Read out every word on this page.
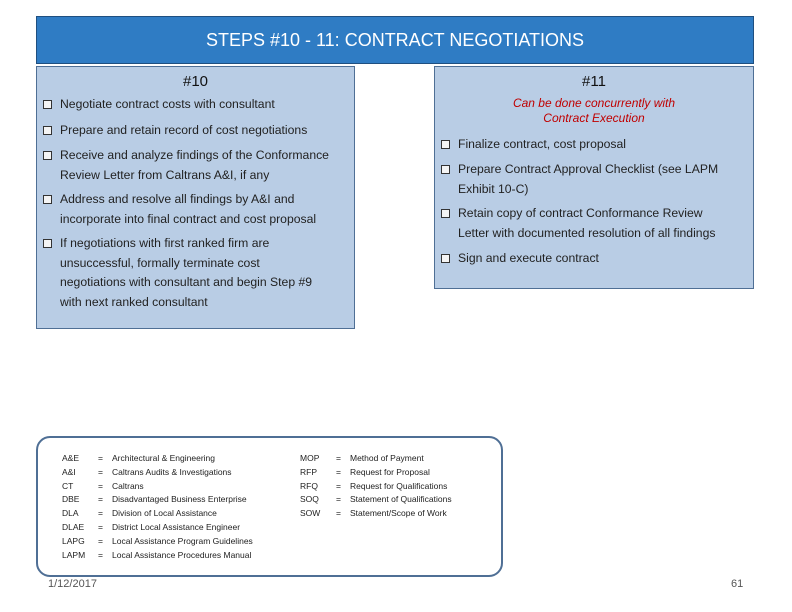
STEPS #10 - 11: CONTRACT NEGOTIATIONS
#10
Negotiate contract costs with consultant
Prepare and retain record of cost negotiations
Receive and analyze findings of the Conformance
Review Letter from Caltrans A&I, if any
Address and resolve all findings by A&I and
incorporate into final contract and cost proposal
If negotiations with first ranked firm are
unsuccessful, formally terminate cost
negotiations with consultant and begin Step #9
with next ranked consultant
#11
Can be done concurrently with
Contract Execution
Finalize contract, cost proposal
Prepare Contract Approval Checklist (see LAPM
Exhibit 10-C)
Retain copy of contract Conformance Review
Letter with documented resolution of all findings
Sign and execute contract
A&E	=	Architectural & Engineering
A&I	=	Caltrans Audits & Investigations
CT	=	Caltrans
DBE	=	Disadvantaged Business Enterprise
DLA	=	Division of Local Assistance
DLAE	=	District Local Assistance Engineer
LAPG	=	Local Assistance Program Guidelines
LAPM	=	Local Assistance Procedures Manual
MOP	=	Method of Payment
RFP	=	Request for Proposal
RFQ	=	Request for Qualifications
SOQ	=	Statement of Qualifications
SOW	=	Statement/Scope of Work
1/12/2017	61
